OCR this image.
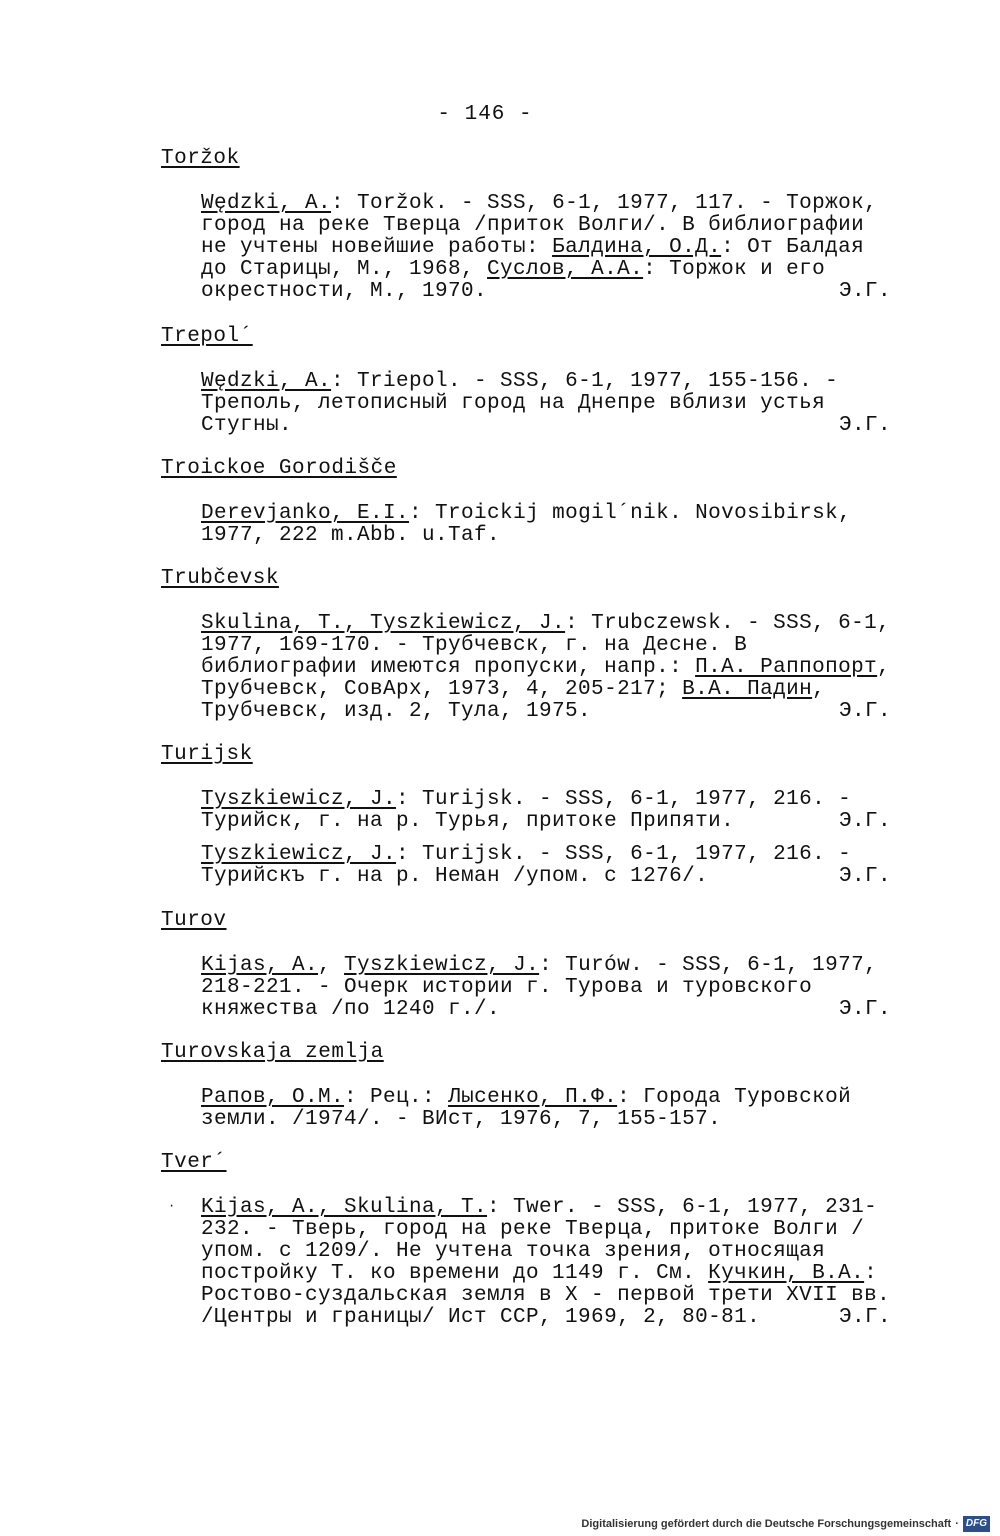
- 146 -
Toržok
Wędzki, A.: Toržok. - SSS, 6-1, 1977, 117. - Торжок, город на реке Тверца /приток Волги/. В библиографии не учтены новейшие работы: Балдина, О.Д.: От Балдая до Старицы, М., 1968, Суслов, А.А.: Торжок и его окрестности, М., 1970.	Э.Г.
Trepol´
Wędzki, A.: Triepol. - SSS, 6-1, 1977, 155-156. - Треполь, летописный город на Днепре вблизи устья Стугны.	Э.Г.
Troickoe Gorodišče
Derevjanko, E.I.: Troickij mogil´nik. Novosibirsk, 1977, 222 m.Abb. u.Taf.
Trubčevsk
Skulina, T., Tyszkiewicz, J.: Trubczewsk. - SSS, 6-1, 1977, 169-170. - Трубчевск, г. на Десне. В библиографии имеются пропуски, напр.: П.А. Раппопорт, Трубчевск, СовАрх, 1973, 4, 205-217; В.А. Падин, Трубчевск, изд. 2, Тула, 1975.	Э.Г.
Turijsk
Tyszkiewicz, J.: Turijsk. - SSS, 6-1, 1977, 216. - Турийск, г. на р. Турья, притоке Припяти.	Э.Г.
Tyszkiewicz, J.: Turijsk. - SSS, 6-1, 1977, 216. - Турийскъ г. на р. Неман /упом. с 1276/.	Э.Г.
Turov
Kijas, A., Tyszkiewicz, J.: Turów. - SSS, 6-1, 1977, 218-221. - Очерк истории г. Турова и туровского княжества /по 1240 г./.	Э.Г.
Turovskaja zemlja
Рапов, О.М.: Рец.: Лысенко, П.Ф.: Города Туровской земли. /1974/. - ВИст, 1976, 7, 155-157.
Tver´
Kijas, A., Skulina, T.: Twer. - SSS, 6-1, 1977, 231-232. - Тверь, город на реке Тверца, притоке Волги / упом. с 1209/. Не учтена точка зрения, относящая постройку Т. ко времени до 1149 г. См. Кучкин, В.А.: Ростово-суздальская земля в X - первой трети XVII вв. /Центры и границы/ Ист ССР, 1969, 2, 80-81.	Э.Г.
·
Digitalisierung gefördert durch die Deutsche Forschungsgemeinschaft · DFG
